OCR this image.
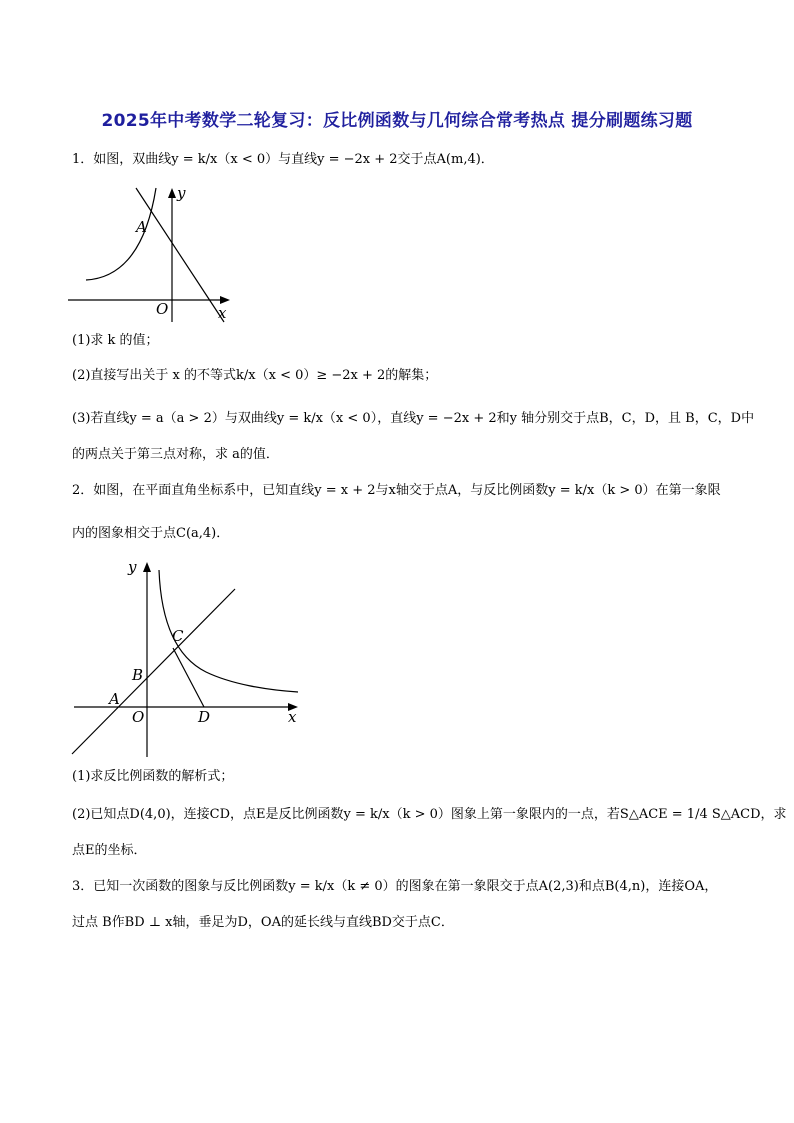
2025年中考数学二轮复习：反比例函数与几何综合常考热点 提分刷题练习题
1．如图，双曲线y = k/x（x < 0）与直线y = −2x + 2交于点A(m,4)．
y
x
O
A
(1)求 k 的值；
(2)直接写出关于 x 的不等式k/x（x < 0）≥ −2x + 2的解集；
(3)若直线y = a（a > 2）与双曲线y = k/x（x < 0），直线y = −2x + 2和y 轴分别交于点B，C，D，且 B，C，D中
的两点关于第三点对称，求 a的值．
2．如图，在平面直角坐标系中，已知直线y = x + 2与x轴交于点A，与反比例函数y = k/x（k > 0）在第一象限
内的图象相交于点C(a,4)．
y
x
O
A
B
C
D
(1)求反比例函数的解析式；
(2)已知点D(4,0)，连接CD，点E是反比例函数y = k/x（k > 0）图象上第一象限内的一点，若S△ACE = 1/4 S△ACD，求
点E的坐标．
3．已知一次函数的图象与反比例函数y = k/x（k ≠ 0）的图象在第一象限交于点A(2,3)和点B(4,n)，连接OA，
过点 B作BD ⊥ x轴，垂足为D，OA的延长线与直线BD交于点C．
